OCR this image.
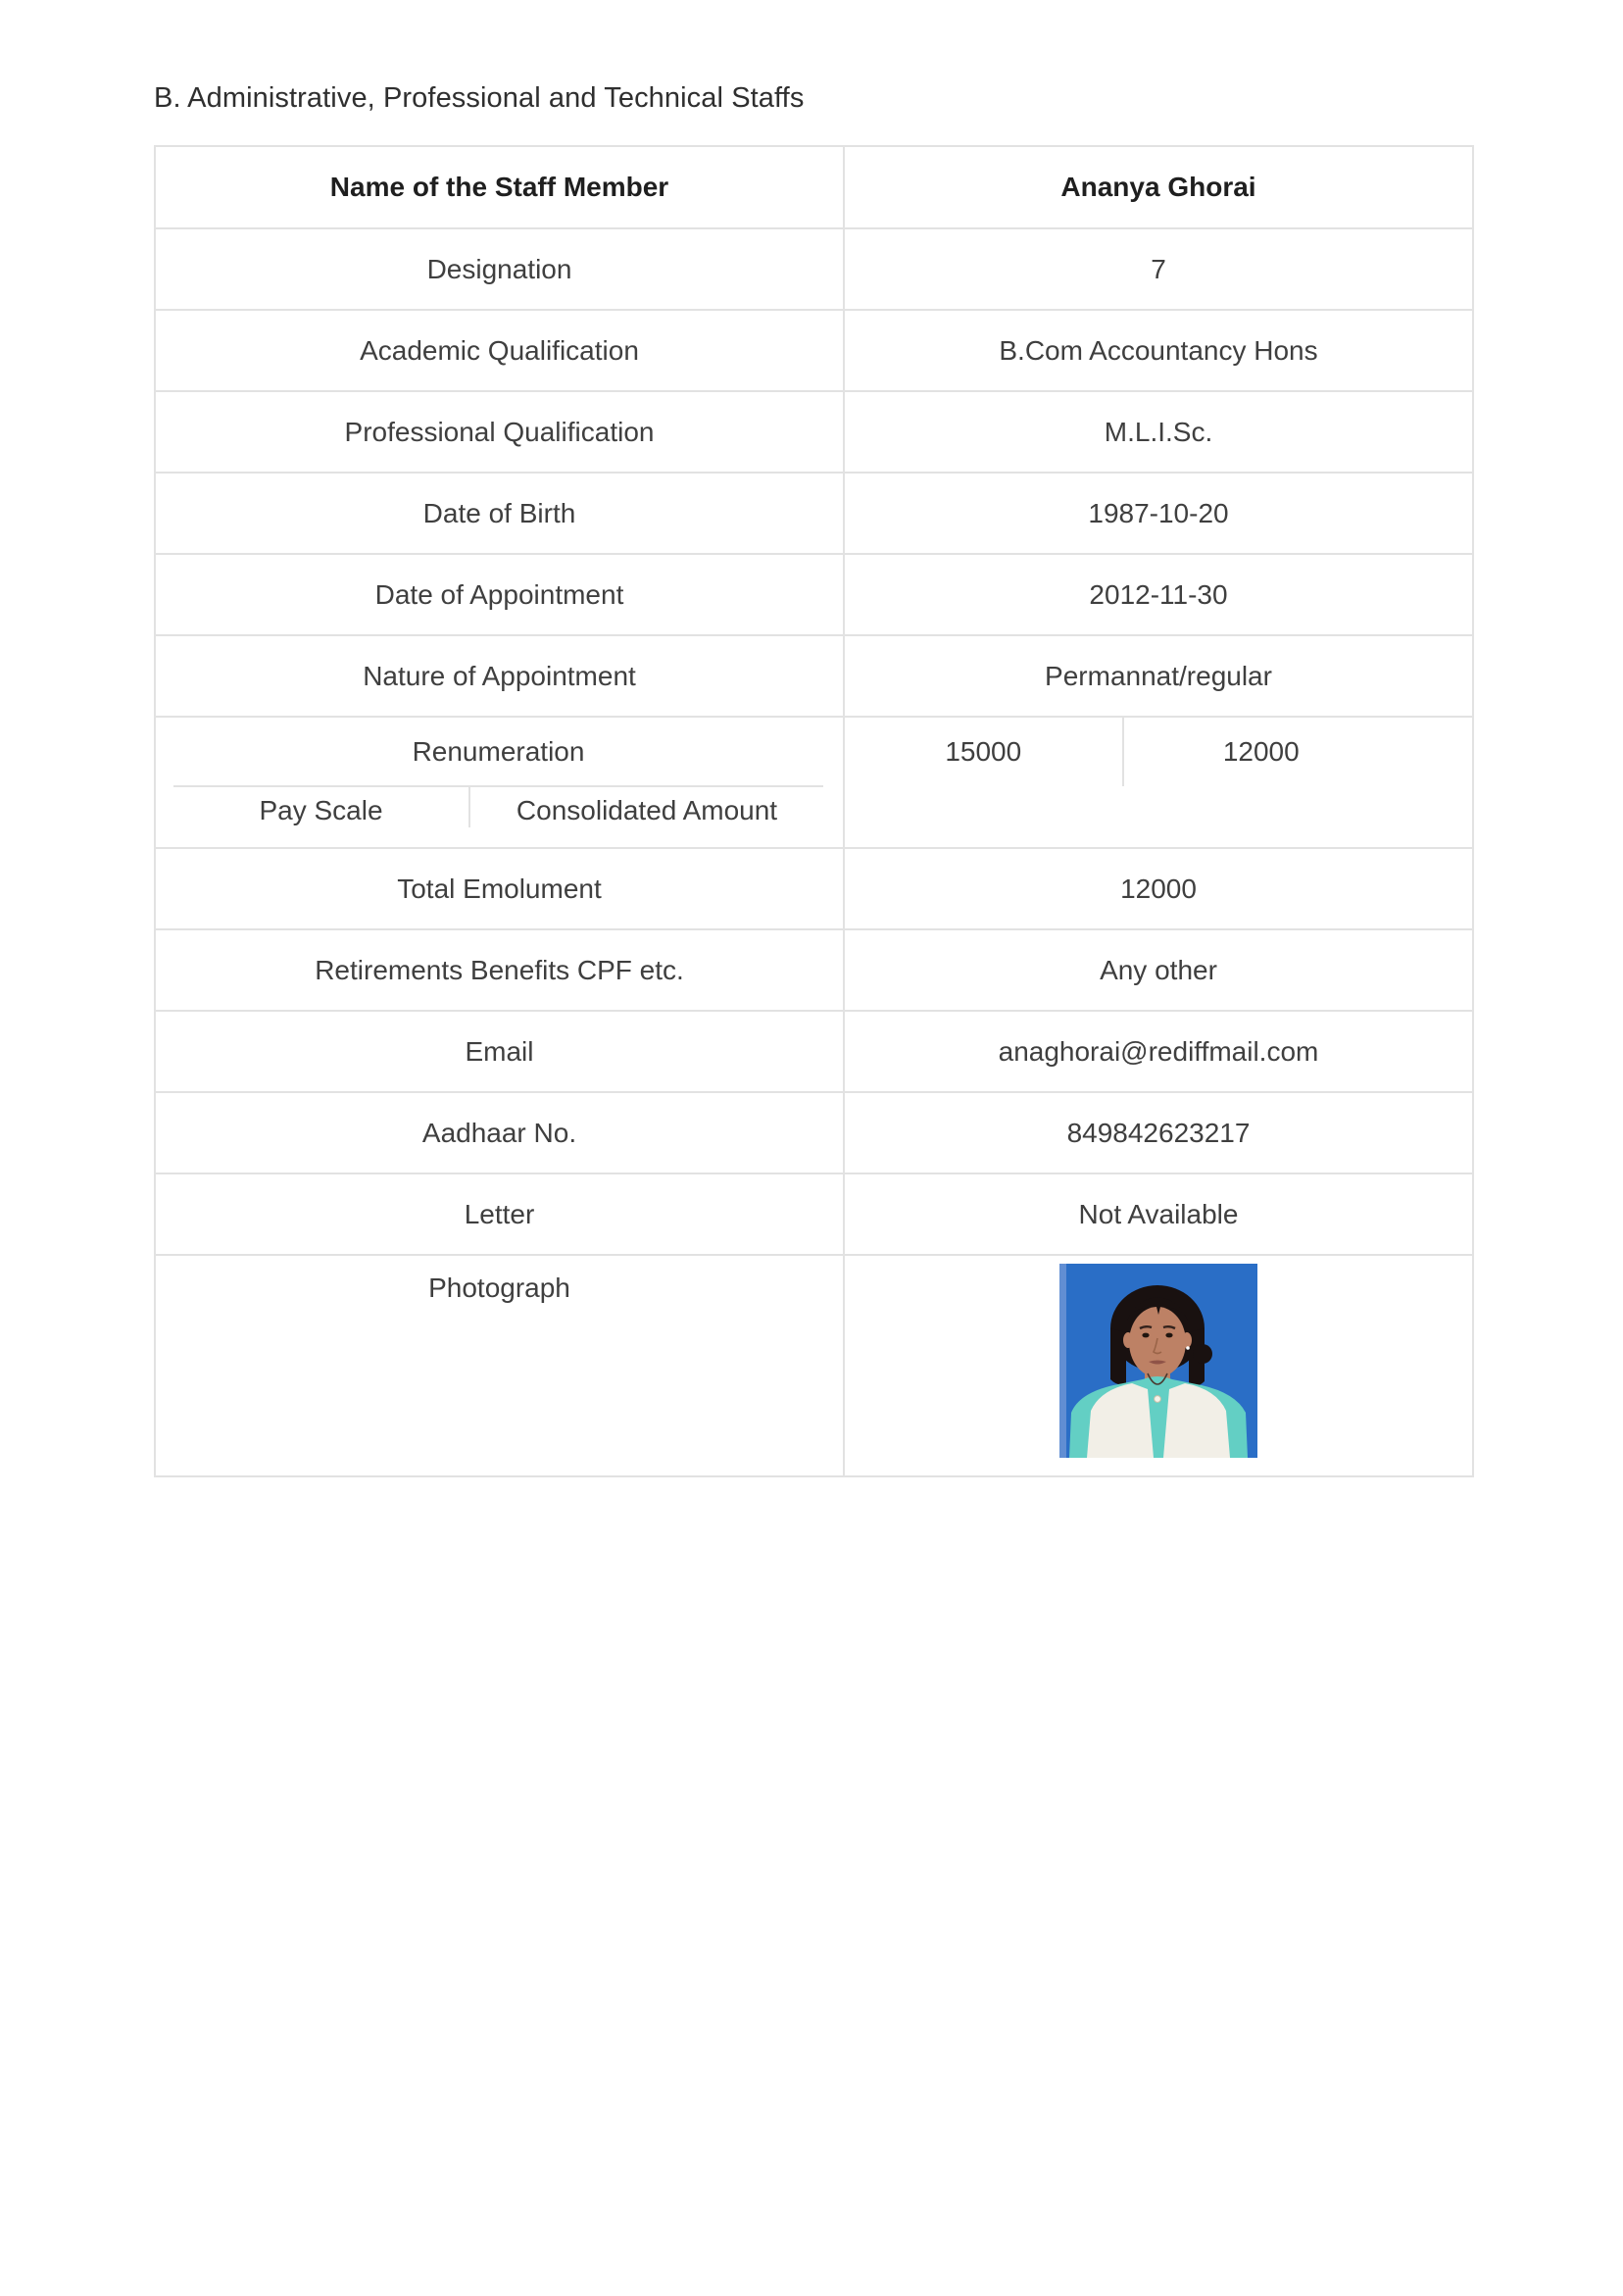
B. Administrative, Professional and Technical Staffs
Name of the Staff Member	Ananya Ghorai
Designation	7
Academic Qualification	B.Com Accountancy Hons
Professional Qualification	M.L.I.Sc.
Date of Birth	1987-10-20
Date of Appointment	2012-11-30
Nature of Appointment	Permannat/regular

Renumeration
Pay Scale	Consolidated Amount

15000	12000

Total Emolument	12000
Retirements Benefits CPF etc.	Any other
Email	anaghorai@rediffmail.com
Aadhaar No.	849842623217
Letter	Not Available
Photograph	
